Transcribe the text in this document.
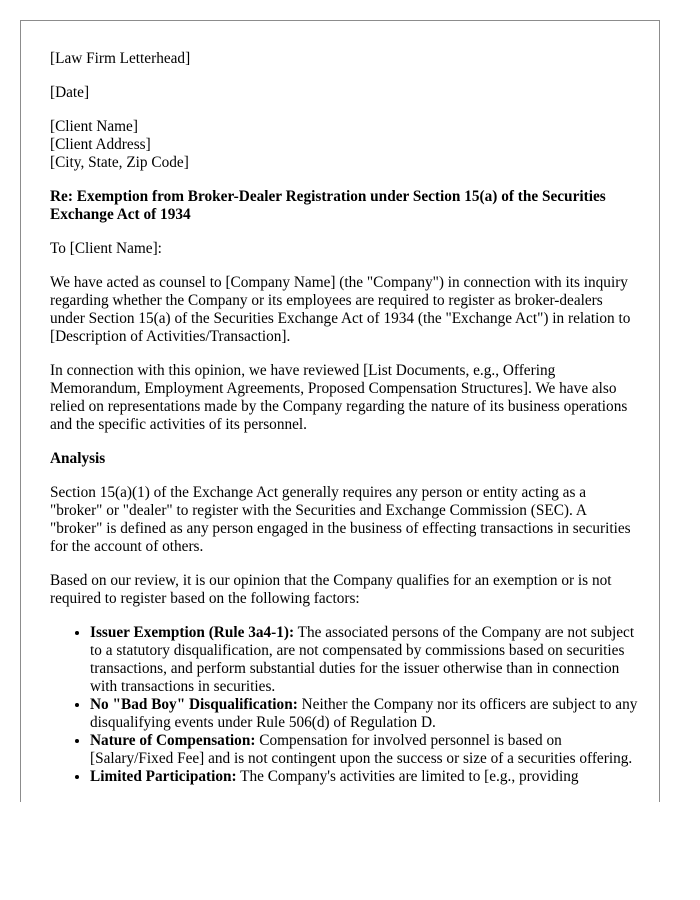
[Law Firm Letterhead]

[Date]

[Client Name]
[Client Address]
[City, State, Zip Code]

Re: Exemption from Broker-Dealer Registration under Section 15(a) of the Securities Exchange Act of 1934

To [Client Name]:

We have acted as counsel to [Company Name] (the "Company") in connection with its inquiry regarding whether the Company or its employees are required to register as broker-dealers under Section 15(a) of the Securities Exchange Act of 1934 (the "Exchange Act") in relation to [Description of Activities/Transaction].

In connection with this opinion, we have reviewed [List Documents, e.g., Offering Memorandum, Employment Agreements, Proposed Compensation Structures]. We have also relied on representations made by the Company regarding the nature of its business operations and the specific activities of its personnel.

Analysis

Section 15(a)(1) of the Exchange Act generally requires any person or entity acting as a "broker" or "dealer" to register with the Securities and Exchange Commission (SEC). A "broker" is defined as any person engaged in the business of effecting transactions in securities for the account of others.

Based on our review, it is our opinion that the Company qualifies for an exemption or is not required to register based on the following factors:

• Issuer Exemption (Rule 3a4-1): The associated persons of the Company are not subject to a statutory disqualification, are not compensated by commissions based on securities transactions, and perform substantial duties for the issuer otherwise than in connection with transactions in securities.
• No "Bad Boy" Disqualification: Neither the Company nor its officers are subject to any disqualifying events under Rule 506(d) of Regulation D.
• Nature of Compensation: Compensation for involved personnel is based on [Salary/Fixed Fee] and is not contingent upon the success or size of a securities offering.
• Limited Participation: The Company's activities are limited to [e.g., providing
